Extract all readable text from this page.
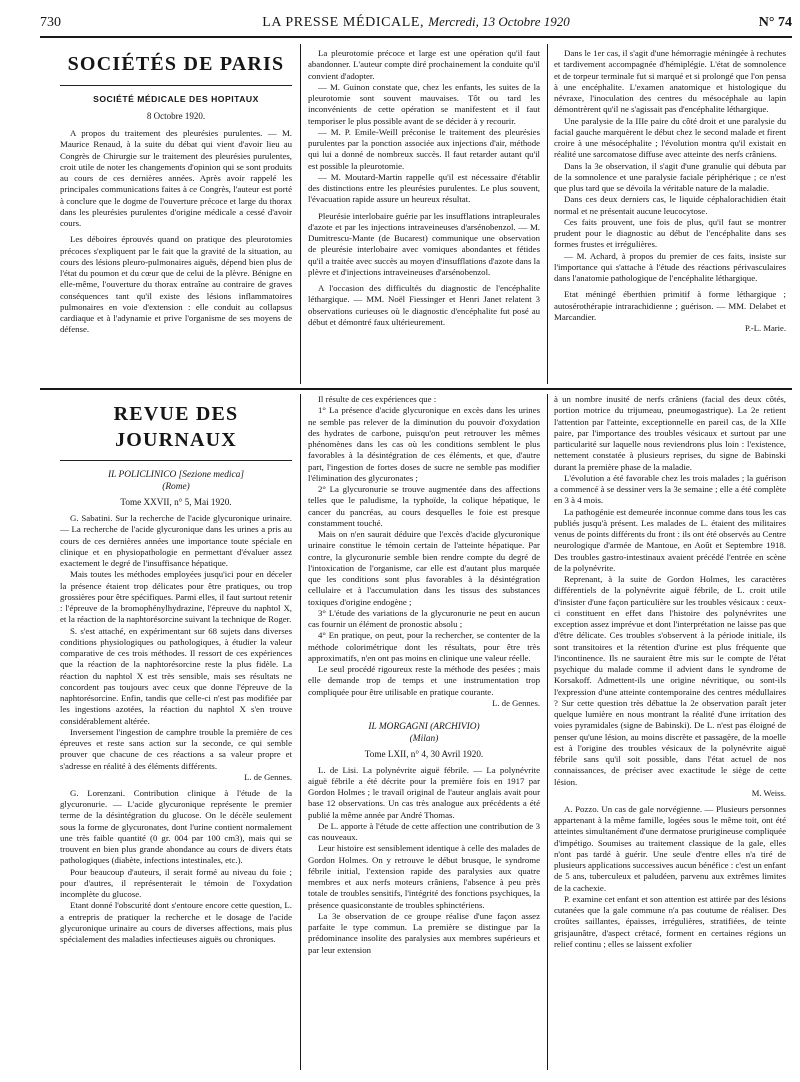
730	LA PRESSE MÉDICALE, Mercredi, 13 Octobre 1920	N° 74
SOCIÉTÉS DE PARIS
SOCIÉTÉ MÉDICALE DES HOPITAUX
8 Octobre 1920.

A propos du traitement des pleurésies purulentes. — M. Maurice Renaud, à la suite du débat qui vient d'avoir lieu au Congrès de Chirurgie sur le traitement des pleurésies purulentes, croit utile de noter les changements d'opinion qui se sont produits au cours de ces dernières années. Après avoir rappelé les principales communications faites à ce Congrès, l'auteur est porté à conclure que le dogme de l'ouverture précoce et large du thorax dans les pleurésies purulentes d'origine médicale a cessé d'avoir cours.

Les déboires éprouvés quand on pratique des pleurotomies précoces s'expliquent par le fait que la gravité de la situation, au cours des lésions pleuro-pulmonaires aiguës, dépend bien plus de l'état du poumon et du cœur que de celui de la plèvre. Bénigne en elle-même, l'ouverture du thorax entraîne au contraire de graves conséquences tant qu'il existe des lésions inflammatoires pulmonaires en voie d'extension : elle conduit au collapsus cardiaque et à l'adynamie et prive l'organisme de ses moyens de défense.

La pleurotomie précoce et large est une opération qu'il faut abandonner. L'auteur compte diré prochainement la conduite qu'il convient d'adopter.

— M. Guinon constate que, chez les enfants, les suites de la pleurotomie sont souvent mauvaises. Tôt ou tard les inconvénients de cette opération se manifestent et il faut temporiser le plus possible avant de se décider à y recourir.

— M. P. Emile-Weill préconise le traitement des pleurésies purulentes par la ponction associée aux injections d'air, méthode qui lui a donné de nombreux succès. Il faut retarder autant qu'il est possible la pleurotomie.

— M. Moutard-Martin rappelle qu'il est nécessaire d'établir des distinctions entre les pleurésies purulentes. Le plus souvent, l'évacuation rapide assure un heureux résultat.

Pleurésie interlobaire guérie par les insufflations intrapleurales d'azote et par les injections intraveineuses d'arsénobenzol. — M. Dumitrescu-Mante (de Bucarest) communique une observation de pleurésie interlobaire avec vomiques abondantes et fétides qu'il a traitée avec succès au moyen d'insufflations d'azote dans la plèvre et d'injections intraveineuses d'arsénobenzol.

A l'occasion des difficultés du diagnostic de l'encéphalite léthargique. — MM. Noël Fiessinger et Henri Janet relatent 3 observations curieuses où le diagnostic d'encéphalite fut posé au début et démontré faux ultérieurement.

Dans le 1er cas, il s'agit d'une hémorragie méningée à rechutes et tardivement accompagnée d'hémiplégie. L'état de somnolence et de torpeur terminale fut si marqué et si prolongé que l'on pensa à une encéphalite. L'examen anatomique et histologique du névraxe, l'inoculation des centres du mésocéphale au lapin démontrèrent qu'il ne s'agissait pas d'encéphalite léthargique.

Une paralysie de la IIIe paire du côté droit et une paralysie du facial gauche marquèrent le début chez le second malade et firent croire à une mésocéphalite ; l'évolution montra qu'il existait en réalité une sarcomatose diffuse avec atteinte des nerfs crâniens.

Dans la 3e observation, il s'agit d'une granulie qui débuta par de la somnolence et une paralysie faciale périphérique ; ce n'est que plus tard que se dévoila la véritable nature de la maladie.

Dans ces deux derniers cas, le liquide céphalorachidien était normal et ne présentait aucune leucocytose.

Ces faits prouvent, une fois de plus, qu'il faut se montrer prudent pour le diagnostic au début de l'encéphalite dans ses formes frustes et irrégulières.

— M. Achard, à propos du premier de ces faits, insiste sur l'importance qui s'attache à l'étude des réactions périvasculaires dans l'anatomie pathologique de l'encéphalite léthargique.

Etat méningé éberthien primitif à forme léthargique ; autosérothérapie intrarachidienne ; guérison. — MM. Delabet et Marcandier.

P.-L. Marie.
REVUE DES JOURNAUX
IL POLICLINICO [Sezione medica]
(Rome)
Tome XXVII, n° 5, Mai 1920.

G. Sabatini. Sur la recherche de l'acide glycuronique urinaire. — La recherche de l'acide glycuronique dans les urines a pris au cours de ces dernières années une importance toute spéciale en clinique et en physiopathologie en permettant d'évaluer assez exactement le degré de l'insuffisance hépatique.

Mais toutes les méthodes employées jusqu'ici pour en déceler la présence étaient trop délicates pour être pratiques, ou trop grossières pour être spécifiques. Parmi elles, il faut surtout retenir : l'épreuve de la bromophénylhydrazine, l'épreuve du naphtol X, et la réaction de la naphtorésorcine suivant la technique de Roger.

S. s'est attaché, en expérimentant sur 68 sujets dans diverses conditions physiologiques ou pathologiques, à étudier la valeur comparative de ces trois méthodes. Il ressort de ces expériences que la réaction de la naphtorésorcine reste la plus fidèle. La réaction du naphtol X est très sensible, mais ses résultats ne concordent pas toujours avec ceux que donne l'épreuve de la naphtorésorcine. Enfin, tandis que celle-ci n'est pas modifiée par les ingestions azotées, la réaction du naphtol X s'en trouve considérablement altérée.

Inversement l'ingestion de camphre trouble la première de ces épreuves et reste sans action sur la seconde, ce qui semble prouver que chacune de ces réactions a sa valeur propre et s'adresse en réalité à des éléments différents.

L. de Gennes.

G. Lorenzani. Contribution clinique à l'étude de la glycuronurie. — L'acide glycuronique représente le premier terme de la désintégration du glucose. On le décèle seulement sous la forme de glycuronates, dont l'urine contient normalement une très faible quantité (0 gr. 004 par 100 cm3), mais qui se trouvent en bien plus grande abondance au cours de divers états pathologiques (diabète, infections intestinales, etc.).

Pour beaucoup d'auteurs, il serait formé au niveau du foie ; pour d'autres, il représenterait le témoin de l'oxydation incomplète du glucose.

Etant donné l'obscurité dont s'entoure encore cette question, L. a entrepris de pratiquer la recherche et le dosage de l'acide glycuronique urinaire au cours de diverses affections, mais plus spécialement des maladies infectieuses aiguës ou chroniques.

Il résulte de ces expériences que :

1° La présence d'acide glycuronique en excès dans les urines ne semble pas relever de la diminution du pouvoir d'oxydation des hydrates de carbone, puisqu'on peut retrouver les mêmes phénomènes dans les cas où les conditions semblent le plus favorables à la désintégration de ces éléments, et que, d'autre part, l'ingestion de fortes doses de sucre ne semble pas modifier l'élimination des glycuronates ;

2° La glycuronurie se trouve augmentée dans des affections telles que le paludisme, la typhoïde, la colique hépatique, le cancer du pancréas, au cours desquelles le foie est presque constamment touché.

Mais on n'en saurait déduire que l'excès d'acide glycuronique urinaire constitue le témoin certain de l'atteinte hépatique. Par contre, la glycuronurie semble bien rendre compte du degré de l'intoxication de l'organisme, car elle est d'autant plus marquée que les conditions sont plus favorables à la désintégration cellulaire et à l'accumulation dans les tissus des substances toxiques d'origine endogène ;

3° L'étude des variations de la glycuronurie ne peut en aucun cas fournir un élément de pronostic absolu ;

4° En pratique, on peut, pour la rechercher, se contenter de la méthode colorimétrique dont les résultats, pour être très approximatifs, n'en ont pas moins en clinique une valeur réelle.

Le seul procédé rigoureux reste la méthode des pesées ; mais elle demande trop de temps et une instrumentation trop compliquée pour être utilisable en pratique courante.

L. de Gennes.
IL MORGAGNI (ARCHIVIO)
(Milan)
Tome LXII, n° 4, 30 Avril 1920.

L. de Lisi. La polynévrite aiguë fébrile. — La polynévrite aiguë fébrile a été décrite pour la première fois en 1917 par Gordon Holmes ; le travail original de l'auteur anglais avait pour base 12 observations. Un cas très analogue aux précédents a été publié la même année par André Thomas.

De L. apporte à l'étude de cette affection une contribution de 3 cas nouveaux.

Leur histoire est sensiblement identique à celle des malades de Gordon Holmes. On y retrouve le début brusque, le syndrome fébrile initial, l'extension rapide des paralysies aux quatre membres et aux nerfs moteurs crâniens, l'absence à peu près totale de troubles sensitifs, l'intégrité des fonctions psychiques, la présence quasiconstante de troubles sphinctériens.

La 3e observation de ce groupe réalise d'une façon assez parfaite le type commun. La première se distingue par la prédominance insolite des paralysies aux membres supérieurs et par leur extension

à un nombre inusité de nerfs crâniens (facial des deux côtés, portion motrice du trijumeau, pneumogastrique). La 2e retient l'attention par l'atteinte, exceptionnelle en pareil cas, de la XIIe paire, par l'importance des troubles vésicaux et surtout par une particularité sur laquelle nous reviendrons plus loin : l'existence, nettement constatée à plusieurs reprises, du signe de Babinski durant la première phase de la maladie.

L'évolution a été favorable chez les trois malades ; la guérison a commencé à se dessiner vers la 3e semaine ; elle a été complète en 3 à 4 mois.

La pathogénie est demeurée inconnue comme dans tous les cas publiés jusqu'à présent. Les malades de L. étaient des militaires venus de points différents du front : ils ont été observés au Centre neurologique d'armée de Mantoue, en Août et Septembre 1918. Des troubles gastro-intestinaux avaient précédé l'entrée en scène de la polynévrite.

Reprenant, à la suite de Gordon Holmes, les caractères différentiels de la polynévrite aiguë fébrile, de L. croit utile d'insister d'une façon particulière sur les troubles vésicaux : ceux-ci constituent en effet dans l'histoire des polynévrites une exception assez imprévue et dont l'interprétation ne laisse pas que d'être délicate. Ces troubles s'observent à la période initiale, ils sont transitoires et la rétention d'urine est plus fréquente que l'incontinence. Ils ne sauraient être mis sur le compte de l'état psychique du malade comme il advient dans le syndrome de Korsakoff. Admettent-ils une origine névritique, ou sont-ils l'expression d'une atteinte contemporaine des centres médullaires ? Sur cette question très débattue la 2e observation paraît jeter quelque lumière en nous montrant la réalité d'une irritation des voies pyramidales (signe de Babinski). De L. n'est pas éloigné de penser qu'une lésion, au moins discrète et passagère, de la moelle est à l'origine des troubles vésicaux de la polynévrite aiguë fébrile sans qu'il soit possible, dans l'état actuel de nos connaissances, de préciser avec exactitude le siège de cette lésion.

M. Weiss.

A. Pozzo. Un cas de gale norvégienne. — Plusieurs personnes appartenant à la même famille, logées sous le même toit, ont été atteintes simultanément d'une dermatose prurigineuse compliquée d'impétigo. Soumises au traitement classique de la gale, elles n'ont pas tardé à guérir. Une seule d'entre elles n'a tiré de plusieurs applications successives aucun bénéfice : c'est un enfant de 5 ans, tuberculeux et paludéen, parvenu aux extrêmes limites de la cachexie.

P. examine cet enfant et son attention est attirée par des lésions cutanées que la gale commune n'a pas coutume de réaliser. Des croûtes saillantes, épaisses, irrégulières, stratifiées, de teinte grisjaunâtre, d'aspect crétacé, forment en certaines régions un relief continu ; elles se laissent exfolier
